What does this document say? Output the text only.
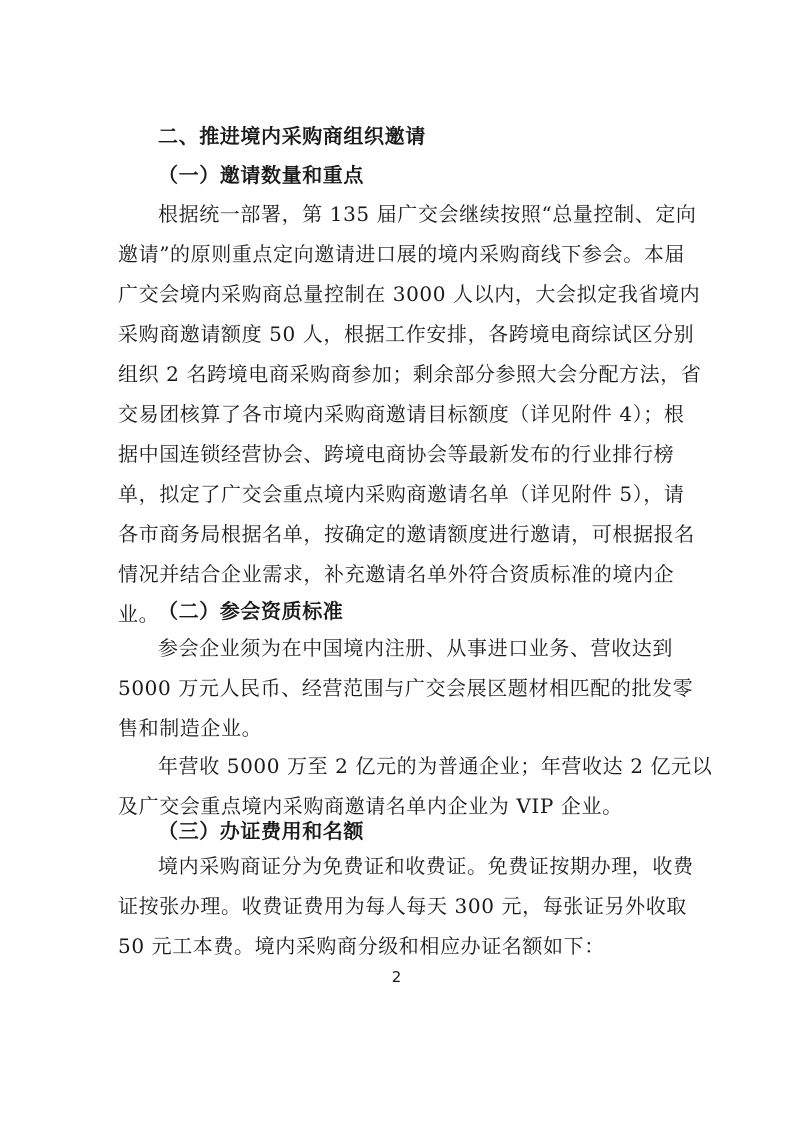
二、推进境内采购商组织邀请
（一）邀请数量和重点
根据统一部署，第 135 届广交会继续按照“总量控制、定向
邀请”的原则重点定向邀请进口展的境内采购商线下参会。本届
广交会境内采购商总量控制在 3000 人以内，大会拟定我省境内
采购商邀请额度 50 人，根据工作安排，各跨境电商综试区分别
组织 2 名跨境电商采购商参加；剩余部分参照大会分配方法，省
交易团核算了各市境内采购商邀请目标额度（详见附件 4）；根
据中国连锁经营协会、跨境电商协会等最新发布的行业排行榜
单，拟定了广交会重点境内采购商邀请名单（详见附件 5），请
各市商务局根据名单，按确定的邀请额度进行邀请，可根据报名
情况并结合企业需求，补充邀请名单外符合资质标准的境内企
业。
（二）参会资质标准
参会企业须为在中国境内注册、从事进口业务、营收达到
5000 万元人民币、经营范围与广交会展区题材相匹配的批发零
售和制造企业。
年营收 5000 万至 2 亿元的为普通企业；年营收达 2 亿元以
及广交会重点境内采购商邀请名单内企业为 VIP 企业。
（三）办证费用和名额
境内采购商证分为免费证和收费证。免费证按期办理，收费
证按张办理。收费证费用为每人每天 300 元，每张证另外收取
50 元工本费。境内采购商分级和相应办证名额如下：
2
